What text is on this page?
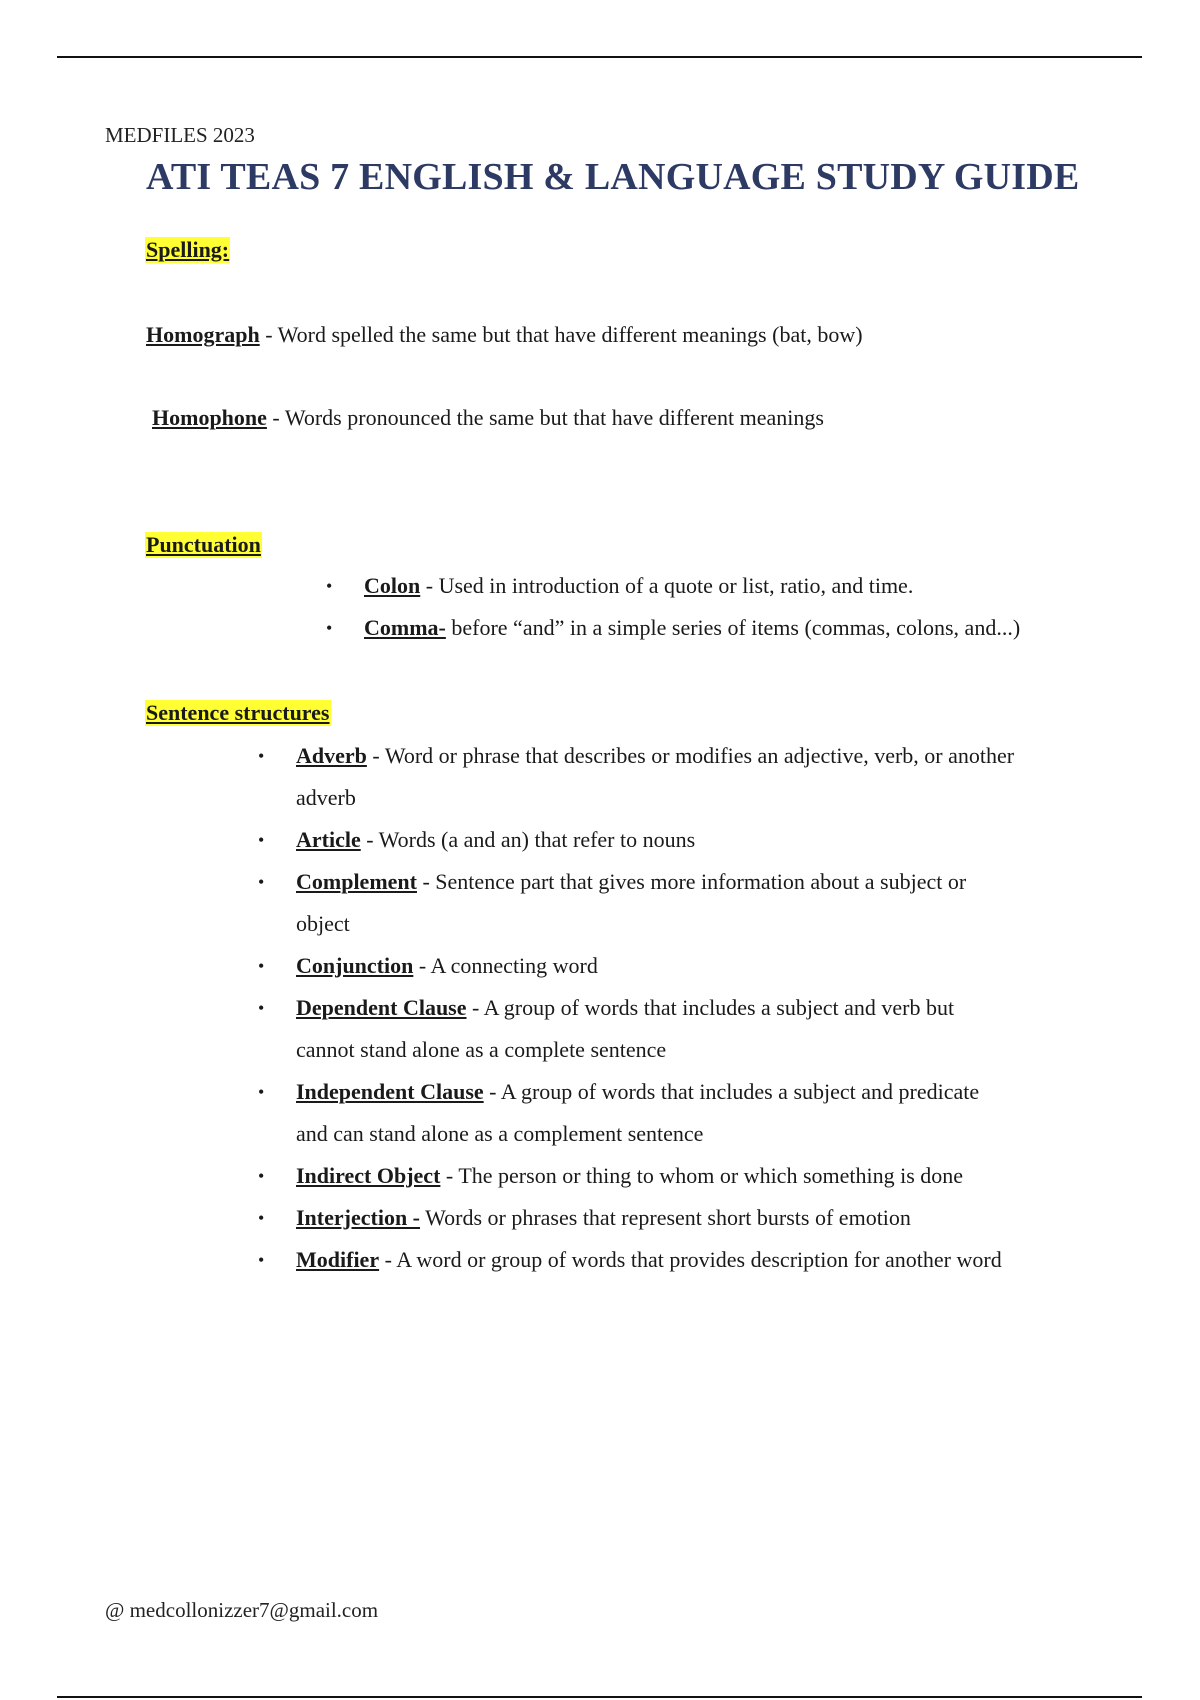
MEDFILES 2023
ATI TEAS 7 ENGLISH & LANGUAGE STUDY GUIDE
Spelling:
Homograph - Word spelled the same but that have different meanings (bat, bow)
Homophone - Words pronounced the same but that have different meanings
Punctuation
• Colon - Used in introduction of a quote or list, ratio, and time.
• Comma- before “and” in a simple series of items (commas, colons, and...)
Sentence structures
• Adverb - Word or phrase that describes or modifies an adjective, verb, or another
adverb
• Article - Words (a and an) that refer to nouns
• Complement - Sentence part that gives more information about a subject or
object
• Conjunction - A connecting word
• Dependent Clause - A group of words that includes a subject and verb but
cannot stand alone as a complete sentence
• Independent Clause - A group of words that includes a subject and predicate
and can stand alone as a complement sentence
• Indirect Object - The person or thing to whom or which something is done
• Interjection - Words or phrases that represent short bursts of emotion
• Modifier - A word or group of words that provides description for another word
@ medcollonizzer7@gmail.com
